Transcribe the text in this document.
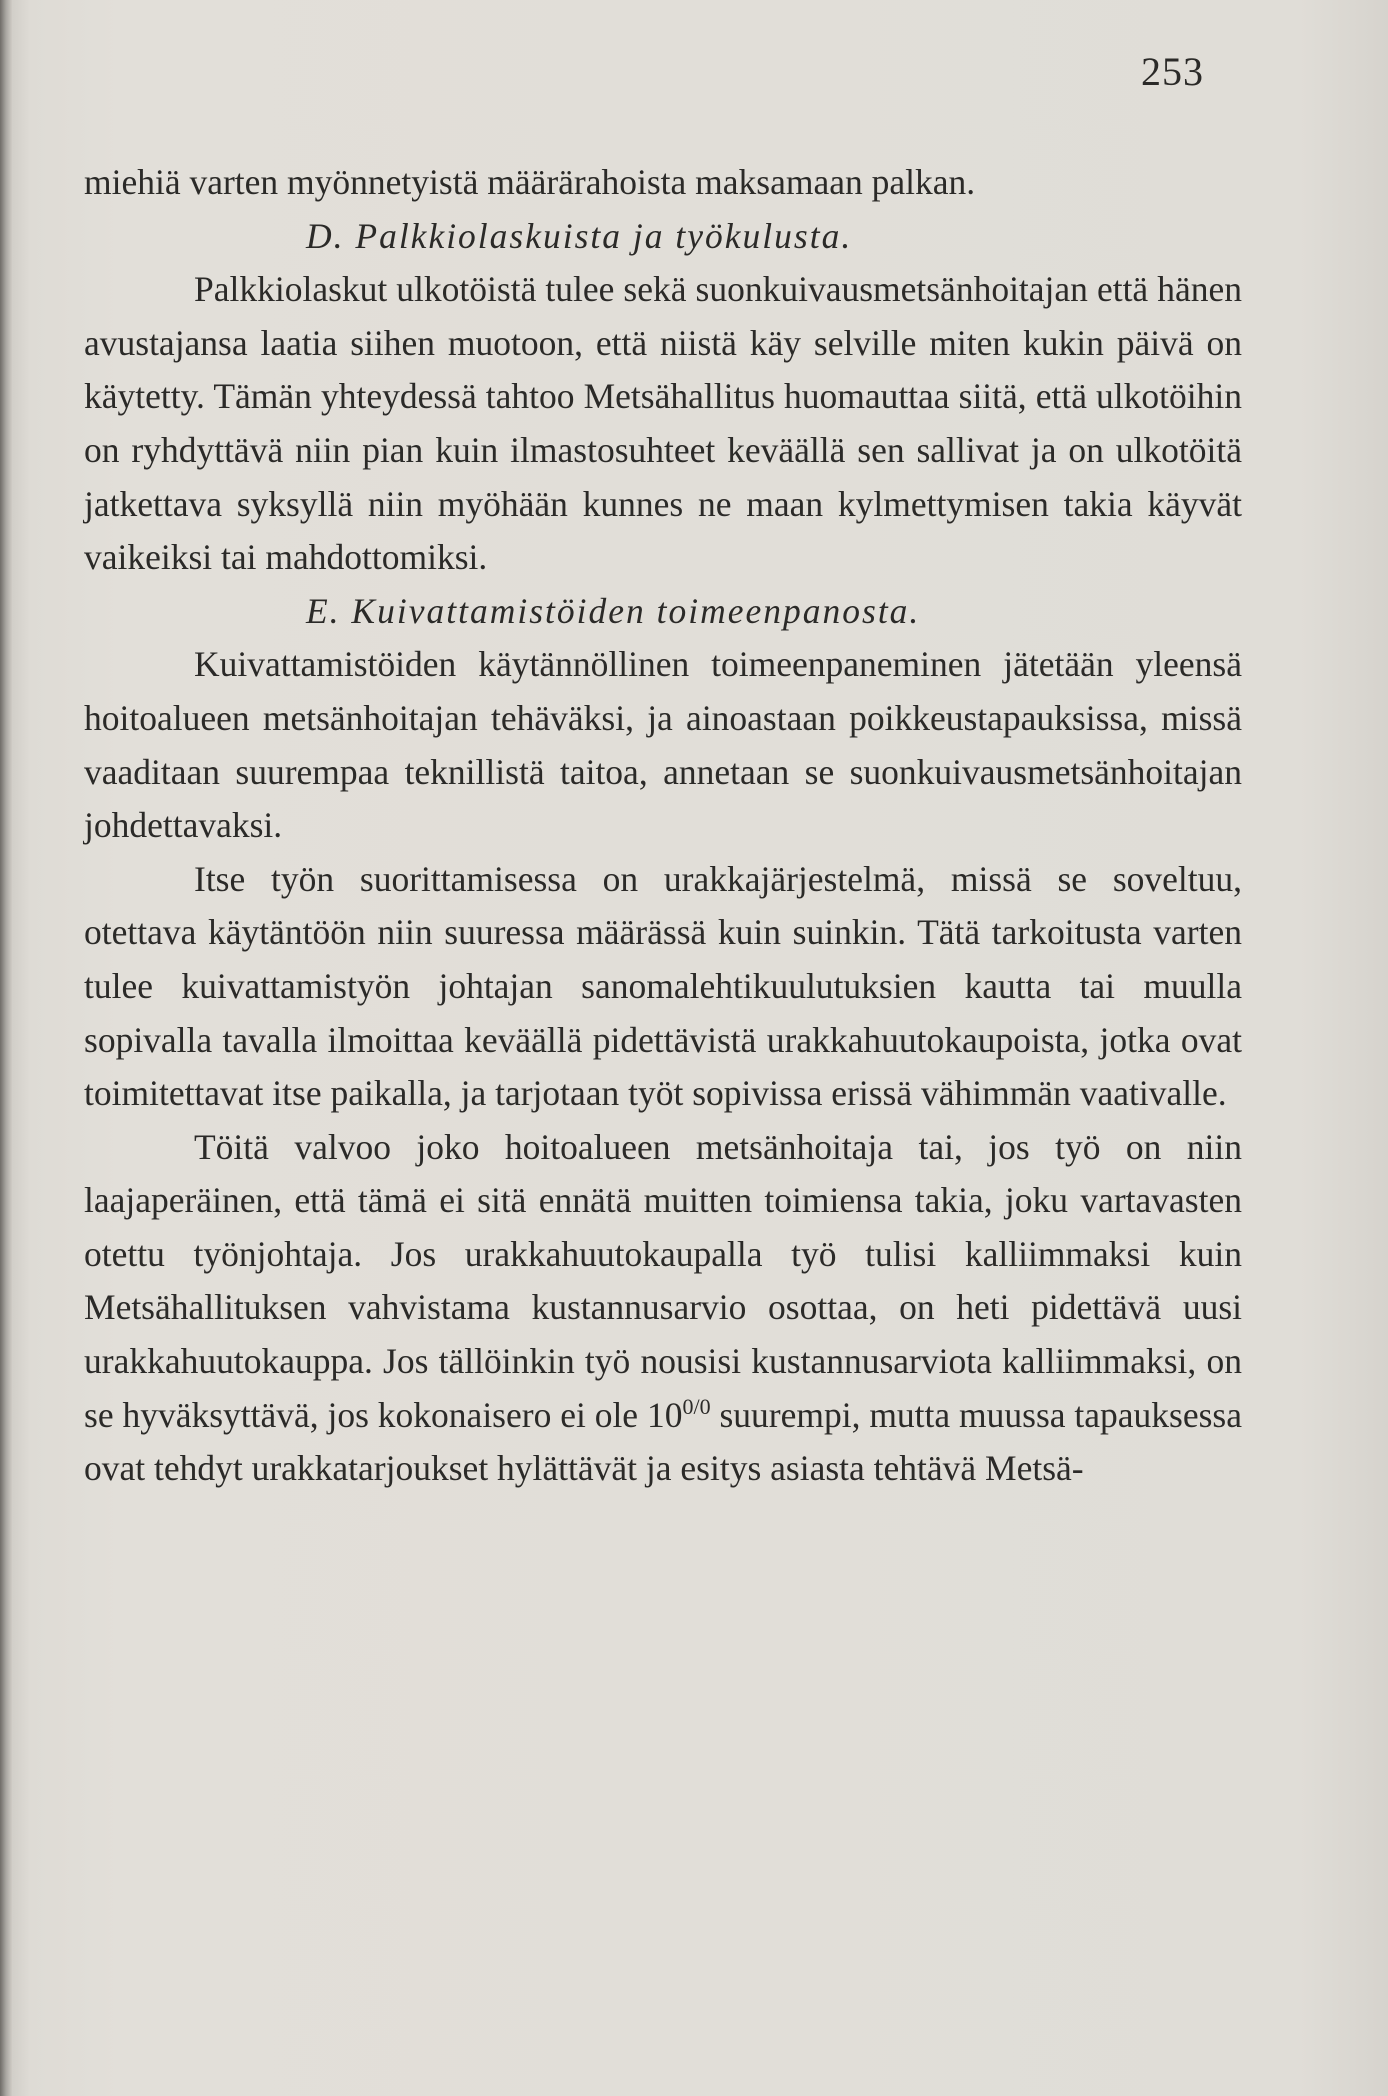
253

miehiä varten myönnetyistä määrärahoista maksamaan palkan.

D. Palkkiolaskuista ja työkulusta.

Palkkiolaskut ulkotöistä tulee sekä suonkuivausmetsänhoitajan että hänen avustajansa laatia siihen muotoon, että niistä käy selville miten kukin päivä on käytetty. Tämän yhteydessä tahtoo Metsähallitus huomauttaa siitä, että ulkotöihin on ryhdyttävä niin pian kuin ilmastosuhteet keväällä sen sallivat ja on ulkotöitä jatkettava syksyllä niin myöhään kunnes ne maan kylmettymisen takia käyvät vaikeiksi tai mahdottomiksi.

E. Kuivattamistöiden toimeenpanosta.

Kuivattamistöiden käytännöllinen toimeenpaneminen jätetään yleensä hoitoalueen metsänhoitajan tehäväksi, ja ainoastaan poikkeustapauksissa, missä vaaditaan suurempaa teknillistä taitoa, annetaan se suonkuivausmetsänhoitajan johdettavaksi.

Itse työn suorittamisessa on urakkajärjestelmä, missä se soveltuu, otettava käytäntöön niin suuressa määrässä kuin suinkin. Tätä tarkoitusta varten tulee kuivattamistyön johtajan sanomalehtikuulutuksien kautta tai muulla sopivalla tavalla ilmoittaa keväällä pidettävistä urakkahuutokaupoista, jotka ovat toimitettavat itse paikalla, ja tarjotaan työt sopivissa erissä vähimmän vaativalle.

Töitä valvoo joko hoitoalueen metsänhoitaja tai, jos työ on niin laajaperäinen, että tämä ei sitä ennätä muitten toimiensa takia, joku vartavasten otettu työnjohtaja. Jos urakkahuutokaupalla työ tulisi kalliimmaksi kuin Metsähallituksen vahvistama kustannusarvio osottaa, on heti pidettävä uusi urakkahuutokauppa. Jos tällöinkin työ nousisi kustannusarviota kalliimmaksi, on se hyväksyttävä, jos kokonaisero ei ole $10^{0/0}$ suurempi, mutta muussa tapauksessa ovat tehdyt urakkatarjoukset hylättävät ja esitys asiasta tehtävä Metsä-
